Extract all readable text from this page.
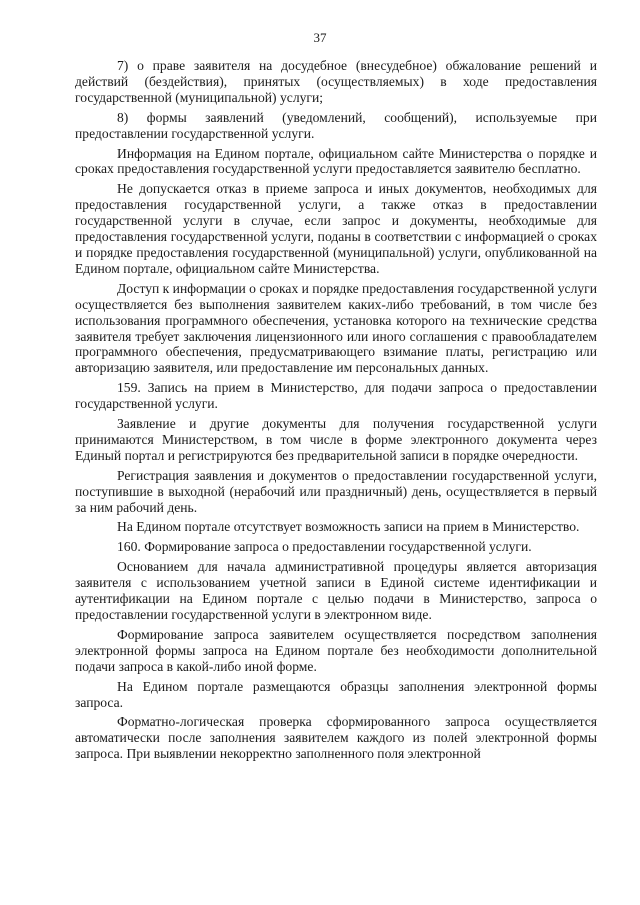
37

7) о праве заявителя на досудебное (внесудебное) обжалование решений и действий (бездействия), принятых (осуществляемых) в ходе предоставления государственной (муниципальной) услуги;

8) формы заявлений (уведомлений, сообщений), используемые при предоставлении государственной услуги.

Информация на Едином портале, официальном сайте Министерства о порядке и сроках предоставления государственной услуги предоставляется заявителю бесплатно.

Не допускается отказ в приеме запроса и иных документов, необходимых для предоставления государственной услуги, а также отказ в предоставлении государственной услуги в случае, если запрос и документы, необходимые для предоставления государственной услуги, поданы в соответствии с информацией о сроках и порядке предоставления государственной (муниципальной) услуги, опубликованной на Едином портале, официальном сайте Министерства.

Доступ к информации о сроках и порядке предоставления государственной услуги осуществляется без выполнения заявителем каких-либо требований, в том числе без использования программного обеспечения, установка которого на технические средства заявителя требует заключения лицензионного или иного соглашения с правообладателем программного обеспечения, предусматривающего взимание платы, регистрацию или авторизацию заявителя, или предоставление им персональных данных.

159. Запись на прием в Министерство, для подачи запроса о предоставлении государственной услуги.

Заявление и другие документы для получения государственной услуги принимаются Министерством, в том числе в форме электронного документа через Единый портал и регистрируются без предварительной записи в порядке очередности.

Регистрация заявления и документов о предоставлении государственной услуги, поступившие в выходной (нерабочий или праздничный) день, осуществляется в первый за ним рабочий день.

На Едином портале отсутствует возможность записи на прием в Министерство.

160. Формирование запроса о предоставлении государственной услуги.

Основанием для начала административной процедуры является авторизация заявителя с использованием учетной записи в Единой системе идентификации и аутентификации на Едином портале с целью подачи в Министерство, запроса о предоставлении государственной услуги в электронном виде.

Формирование запроса заявителем осуществляется посредством заполнения электронной формы запроса на Едином портале без необходимости дополнительной подачи запроса в какой-либо иной форме.

На Едином портале размещаются образцы заполнения электронной формы запроса.

Форматно-логическая проверка сформированного запроса осуществляется автоматически после заполнения заявителем каждого из полей электронной формы запроса. При выявлении некорректно заполненного поля электронной
